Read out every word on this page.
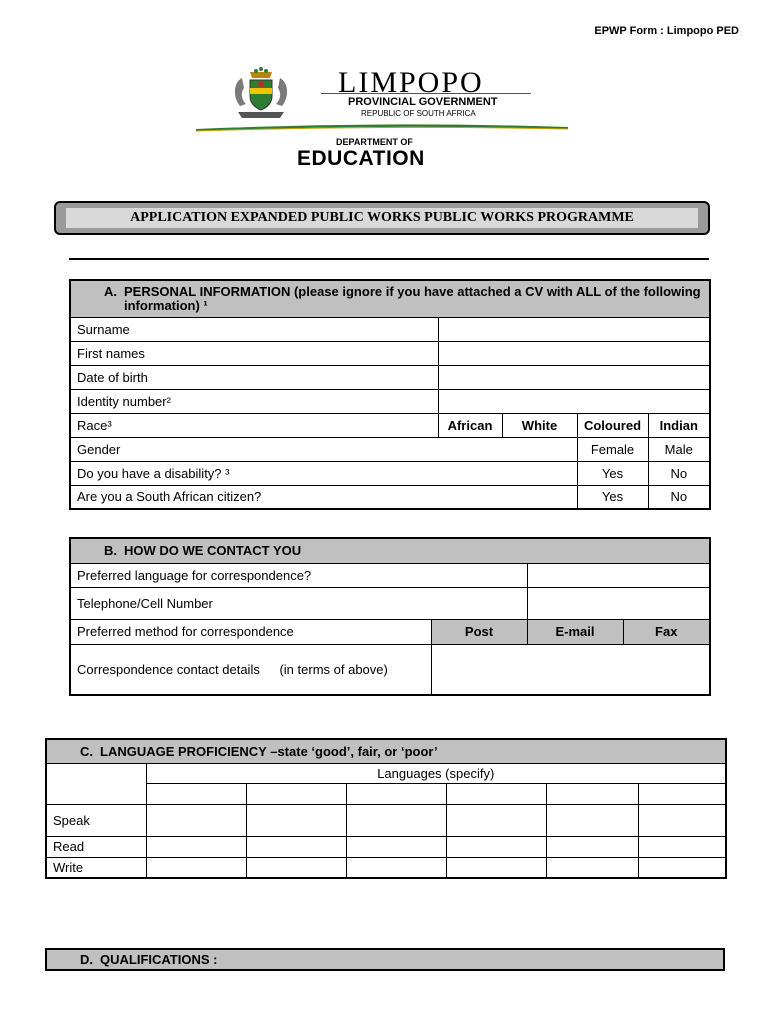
EPWP Form : Limpopo PED
LIMPOPO
PROVINCIAL GOVERNMENT
REPUBLIC OF SOUTH AFRICA
DEPARTMENT OF
EDUCATION
APPLICATION EXPANDED PUBLIC WORKS PUBLIC WORKS PROGRAMME
A. PERSONAL INFORMATION (please ignore if you have attached a CV with ALL of the following
information) ¹				

Surname				
First names				
Date of birth				
Identity number²				
Race³	African	White	Coloured	Indian
Gender			Female	Male
Do you have a disability? ³			Yes	No
Are you a South African citizen?			Yes	No
B. HOW DO WE CONTACT YOU			

Preferred language for correspondence?			
Telephone/Cell Number			
Preferred method for correspondence	Post	E-mail	Fax
Correspondence contact details (in terms of above)			
C. LANGUAGE PROFICIENCY –state ‘good’, fair, or ‘poor’						

	Languages (specify)					

Speak						
Read						
Write						
D. QUALIFICATIONS :
